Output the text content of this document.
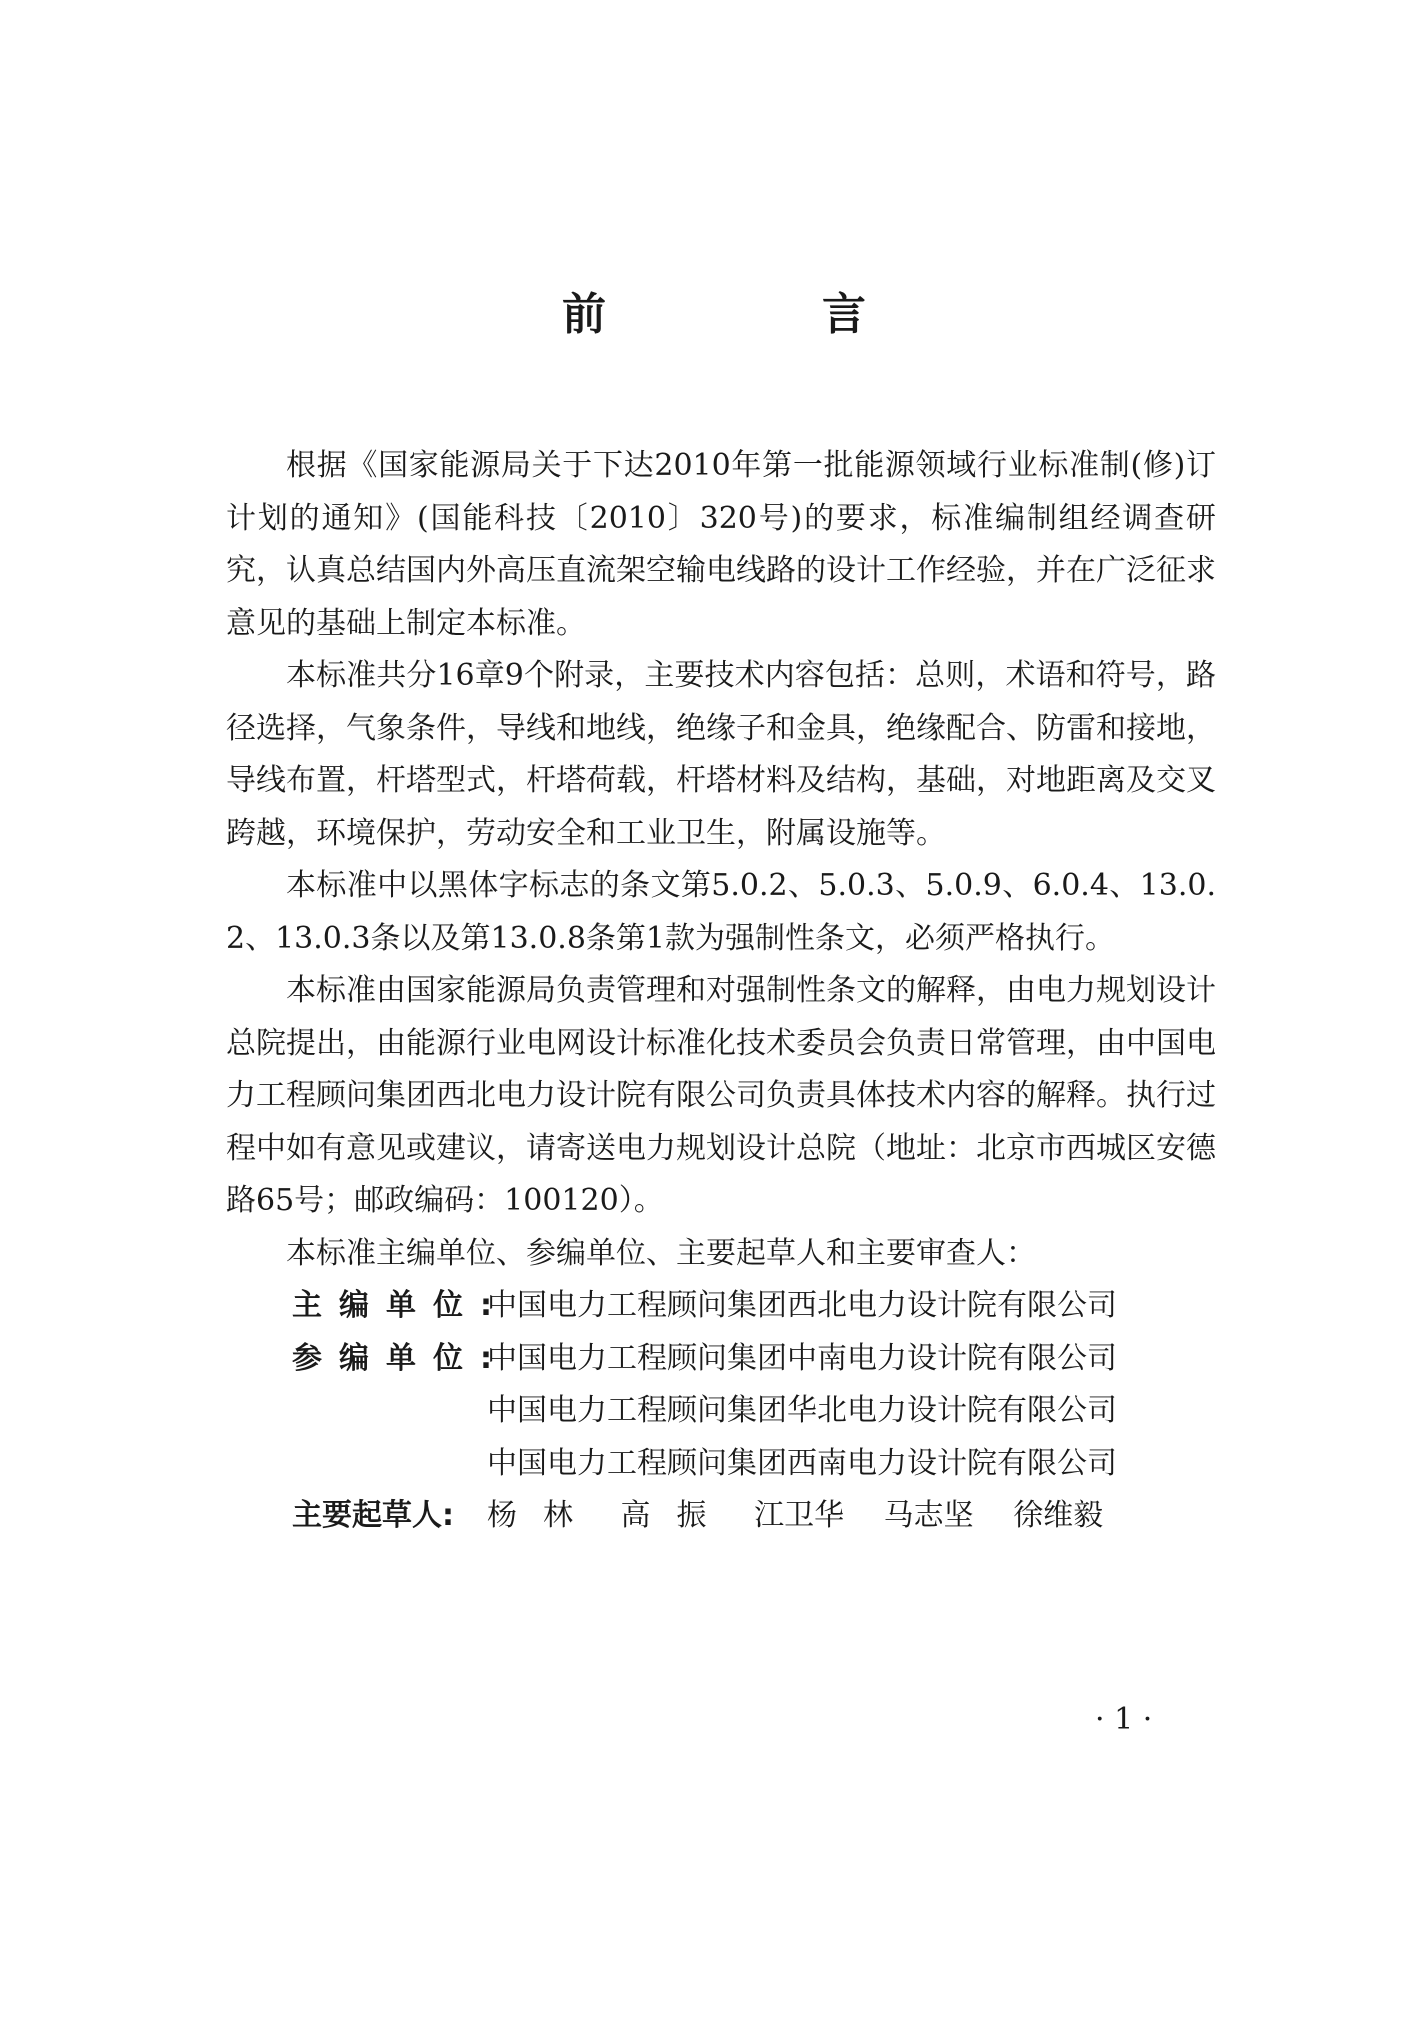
前　言

根据《国家能源局关于下达2010年第一批能源领域行业标准制(修)订计划的通知》(国能科技〔2010〕320号)的要求，标准编制组经调查研究，认真总结国内外高压直流架空输电线路的设计工作经验，并在广泛征求意见的基础上制定本标准。

本标准共分16章9个附录，主要技术内容包括：总则，术语和符号，路径选择，气象条件，导线和地线，绝缘子和金具，绝缘配合、防雷和接地，导线布置，杆塔型式，杆塔荷载，杆塔材料及结构，基础，对地距离及交叉跨越，环境保护，劳动安全和工业卫生，附属设施等。

本标准中以黑体字标志的条文第5.0.2、5.0.3、5.0.9、6.0.4、13.0.2、13.0.3条以及第13.0.8条第1款为强制性条文，必须严格执行。

本标准由国家能源局负责管理和对强制性条文的解释，由电力规划设计总院提出，由能源行业电网设计标准化技术委员会负责日常管理，由中国电力工程顾问集团西北电力设计院有限公司负责具体技术内容的解释。执行过程中如有意见或建议，请寄送电力规划设计总院（地址：北京市西城区安德路65号；邮政编码：100120）。

本标准主编单位、参编单位、主要起草人和主要审查人：

主编单位:
中国电力工程顾问集团西北电力设计院有限公司
参编单位:
中国电力工程顾问集团中南电力设计院有限公司
中国电力工程顾问集团华北电力设计院有限公司
中国电力工程顾问集团西南电力设计院有限公司
主要起草人:	杨林 高振 江卫华 马志坚 徐维毅
· 1 ·
